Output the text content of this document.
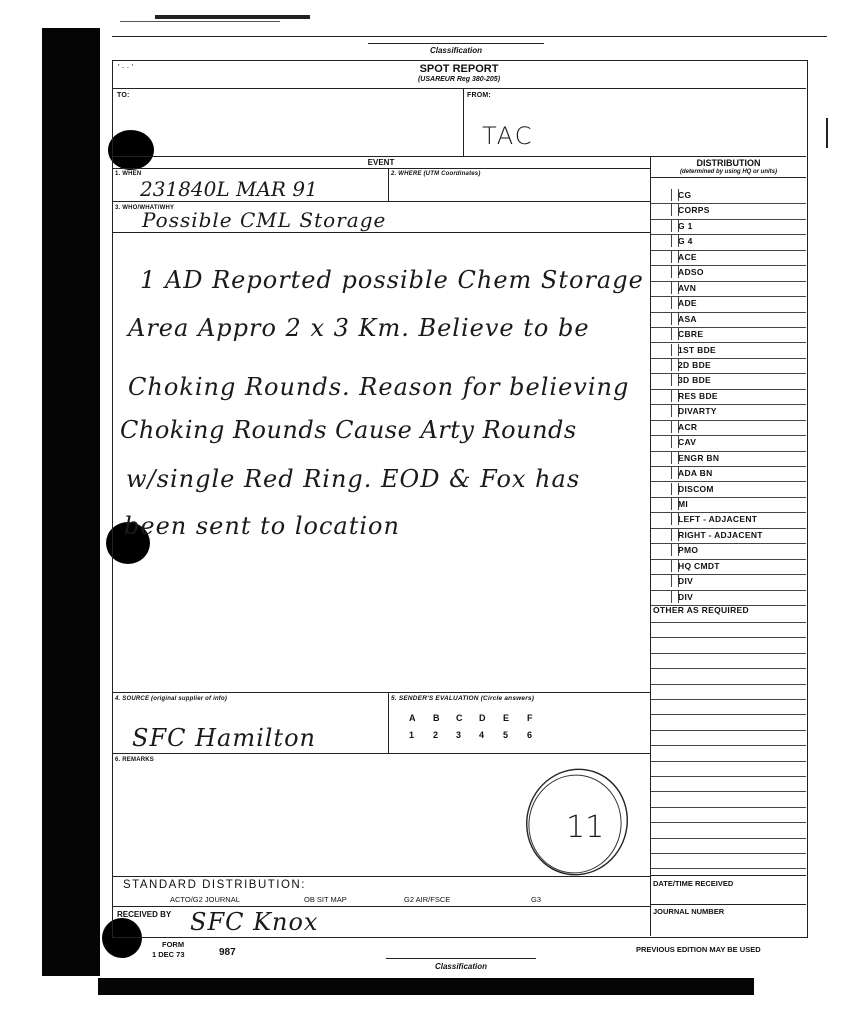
Classification
SPOT REPORT
(USAREUR Reg 380-205)
' · · '
TO:	FROM:
TAC
DISTRIBUTION
(determined by using HQ or units)
CG
CORPS
G 1
G 4
ACE
ADSO
AVN
ADE
ASA
CBRE
1ST BDE
2D BDE
3D BDE
RES BDE
DIVARTY
ACR
CAV
ENGR BN
ADA BN
DISCOM
MI
LEFT - ADJACENT
RIGHT - ADJACENT
PMO
HQ CMDT
DIV
DIV
OTHER AS REQUIRED
DATE/TIME RECEIVED
JOURNAL NUMBER
EVENT
1. WHEN
231840L MAR 91
2. WHERE (UTM Coordinates)
3. WHO/WHAT/WHY
Possible CML Storage
1 AD Reported possible Chem Storage
Area Appro 2 x 3 Km. Believe to be
Choking Rounds. Reason for believing
Choking Rounds Cause Arty Rounds
w/single Red Ring. EOD & Fox has
been sent to location
4. SOURCE (original supplier of info)
SFC Hamilton
5. SENDER'S EVALUATION (Circle answers)
A B C D E F
1 2 3 4 5 6
6. REMARKS
11
STANDARD DISTRIBUTION:
ACTO/G2 JOURNAL	OB SIT MAP	G2 AIR/FSCE	G3
RECEIVED BY SFC Knox
FORM
1 DEC 73	987	PREVIOUS EDITION MAY BE USED
Classification
